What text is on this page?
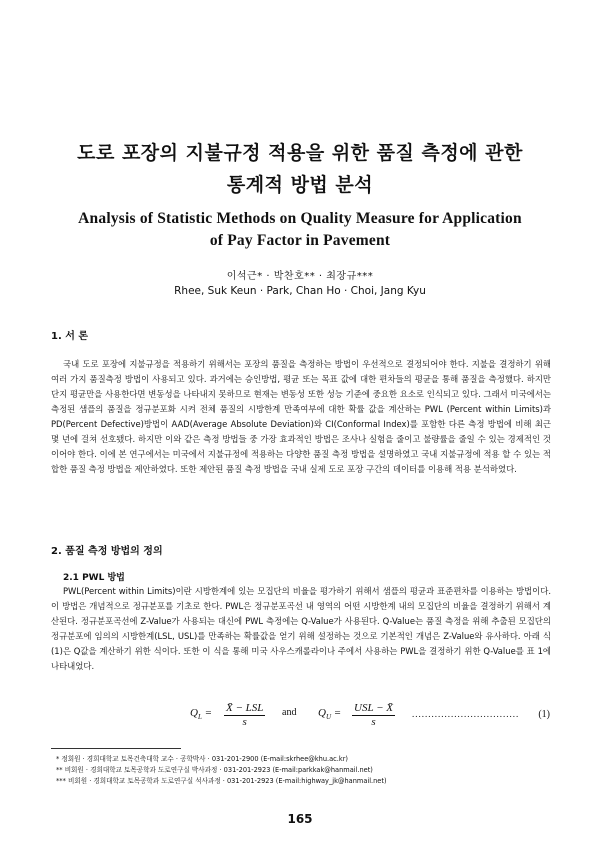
도로 포장의 지불규정 적용을 위한 품질 측정에 관한
통계적 방법 분석
Analysis of Statistic Methods on Quality Measure for Application
of Pay Factor in Pavement
이석근* · 박찬호** · 최장규***
Rhee, Suk Keun · Park, Chan Ho · Choi, Jang Kyu
1. 서 론

국내 도로 포장에 지불규정을 적용하기 위해서는 포장의 품질을 측정하는 방법이 우선적으로 결정되어야 한다. 지불을 결정하기 위해 여러 가지 품질측정 방법이 사용되고 있다. 과거에는 승인방법, 평균 또는 목표 값에 대한 편차들의 평균을 통해 품질을 측정했다. 하지만 단지 평균만을 사용한다면 변동성을 나타내지 못하므로 현재는 변동성 또한 성능 기준에 중요한 요소로 인식되고 있다. 그래서 미국에서는 측정된 샘플의 품질을 정규분포화 시켜 전체 품질의 시방한계 만족여부에 대한 확률 값을 계산하는 PWL (Percent within Limits)과 PD(Percent Defective)방법이 AAD(Average Absolute Deviation)와 CI(Conformal Index)를 포함한 다른 측정 방법에 비해 최근 몇 년에 걸쳐 선호됐다. 하지만 이와 같은 측정 방법들 중 가장 효과적인 방법은 조사나 실험을 줄이고 불량률을 줄일 수 있는 경제적인 것이어야 한다. 이에 본 연구에서는 미국에서 지불규정에 적용하는 다양한 품질 측정 방법을 설명하였고 국내 지불규정에 적용 할 수 있는 적합한 품질 측정 방법을 제안하였다. 또한 제안된 품질 측정 방법을 국내 실제 도로 포장 구간의 데이터를 이용해 적용 분석하였다.

2. 품질 측정 방법의 정의
2.1 PWL 방법

PWL(Percent within Limits)이란 시방한계에 있는 모집단의 비율을 평가하기 위해서 샘플의 평균과 표준편차를 이용하는 방법이다. 이 방법은 개념적으로 정규분포를 기초로 한다. PWL은 정규분포곡선 내 영역의 어떤 시방한계 내의 모집단의 비율을 결정하기 위해서 계산된다. 정규분포곡선에 Z-Value가 사용되는 대신에 PWL 측정에는 Q-Value가 사용된다. Q-Value는 품질 측정을 위해 추출된 모집단의 정규분포에 임의의 시방한계(LSL, USL)를 만족하는 확률값을 얻기 위해 설정하는 것으로 기본적인 개념은 Z-Value와 유사하다. 아래 식(1)은 Q값을 계산하기 위한 식이다. 또한 이 식을 통해 미국 사우스캐롤라이나 주에서 사용하는 PWL을 결정하기 위한 Q-Value를 표 1에 나타내었다.

$Q_L$ = X̄ − LSL
s
and $Q_U$ = USL − X̄
s
................................. (1)
* 정회원 · 경희대학교 토목건축대학 교수 · 공학박사 · 031-201-2900 (E-mail:skrhee@khu.ac.kr)
** 비회원 · 경희대학교 토목공학과 도로연구실 박사과정 · 031-201-2923 (E-mail:parkkak@hanmail.net)
*** 비회원 · 경희대학교 토목공학과 도로연구실 석사과정 · 031-201-2923 (E-mail:highway_jk@hanmail.net)
165
